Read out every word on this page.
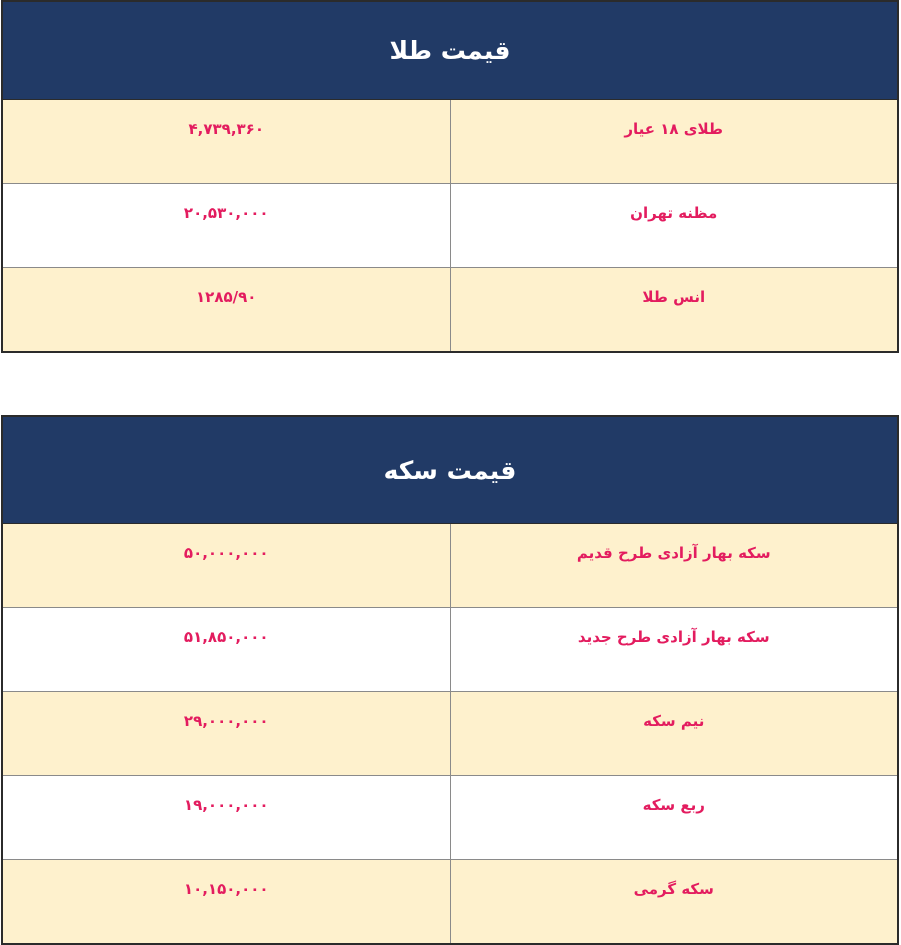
قیمت طلا	
طلای ۱۸ عیار	۴,۷۳۹,۳۶۰
مظنه تهران	۲۰,۵۳۰,۰۰۰
انس طلا	۱۲۸۵/۹۰
قیمت سکه	
سکه بهار آزادی طرح قدیم	۵۰,۰۰۰,۰۰۰
سکه بهار آزادی طرح جدید	۵۱,۸۵۰,۰۰۰
نیم سکه	۲۹,۰۰۰,۰۰۰
ربع سکه	۱۹,۰۰۰,۰۰۰
سکه گرمی	۱۰,۱۵۰,۰۰۰
